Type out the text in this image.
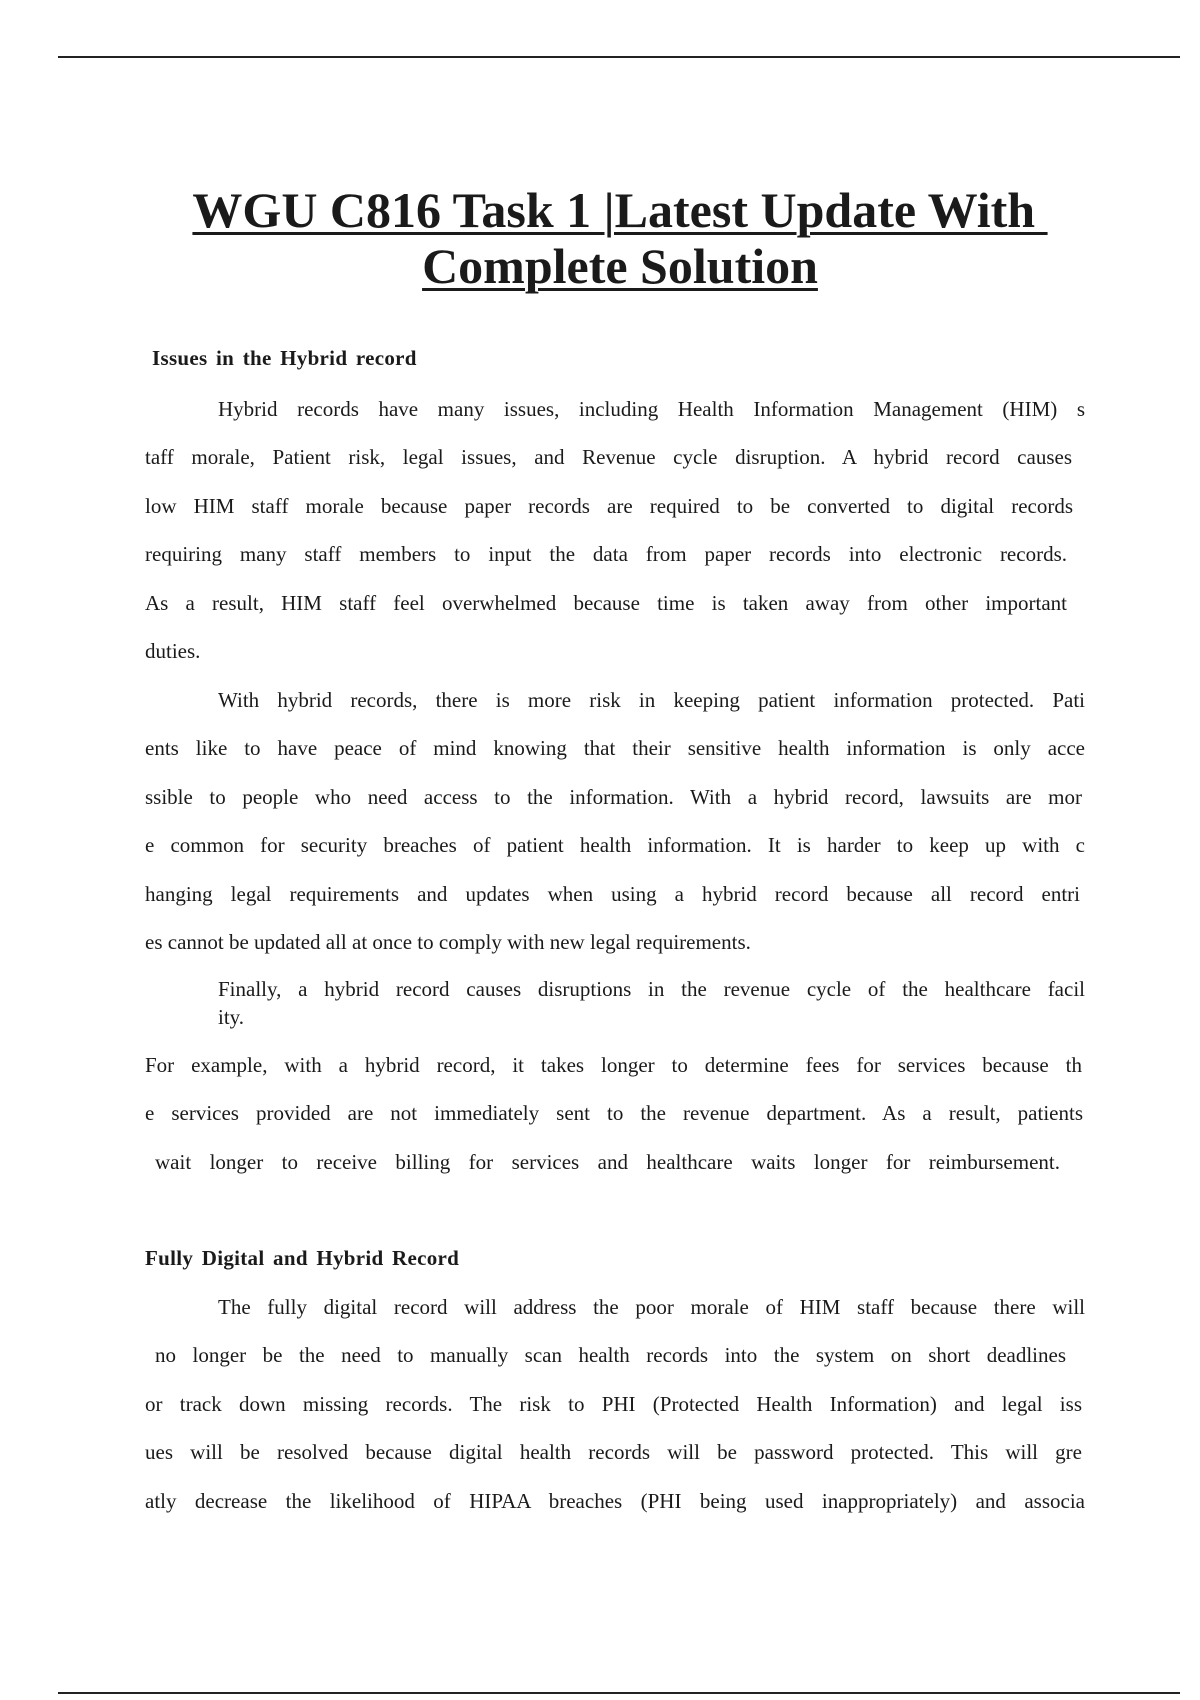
WGU C816 Task 1 |Latest Update With
Complete Solution
Issues in the Hybrid record
Hybrid records have many issues, including Health Information Management (HIM) s
taff morale, Patient risk, legal issues, and Revenue cycle disruption. A hybrid record causes
low HIM staff morale because paper records are required to be converted to digital records
requiring many staff members to input the data from paper records into electronic records.
As a result, HIM staff feel overwhelmed because time is taken away from other important
duties.
With hybrid records, there is more risk in keeping patient information protected. Pati
ents like to have peace of mind knowing that their sensitive health information is only acce
ssible to people who need access to the information. With a hybrid record, lawsuits are mor
e common for security breaches of patient health information. It is harder to keep up with c
hanging legal requirements and updates when using a hybrid record because all record entri
es cannot be updated all at once to comply with new legal requirements.
Finally, a hybrid record causes disruptions in the revenue cycle of the healthcare facil
ity.
For example, with a hybrid record, it takes longer to determine fees for services because th
e services provided are not immediately sent to the revenue department. As a result, patients
wait longer to receive billing for services and healthcare waits longer for reimbursement.
Fully Digital and Hybrid Record
The fully digital record will address the poor morale of HIM staff because there will
no longer be the need to manually scan health records into the system on short deadlines
or track down missing records. The risk to PHI (Protected Health Information) and legal iss
ues will be resolved because digital health records will be password protected. This will gre
atly decrease the likelihood of HIPAA breaches (PHI being used inappropriately) and associa
